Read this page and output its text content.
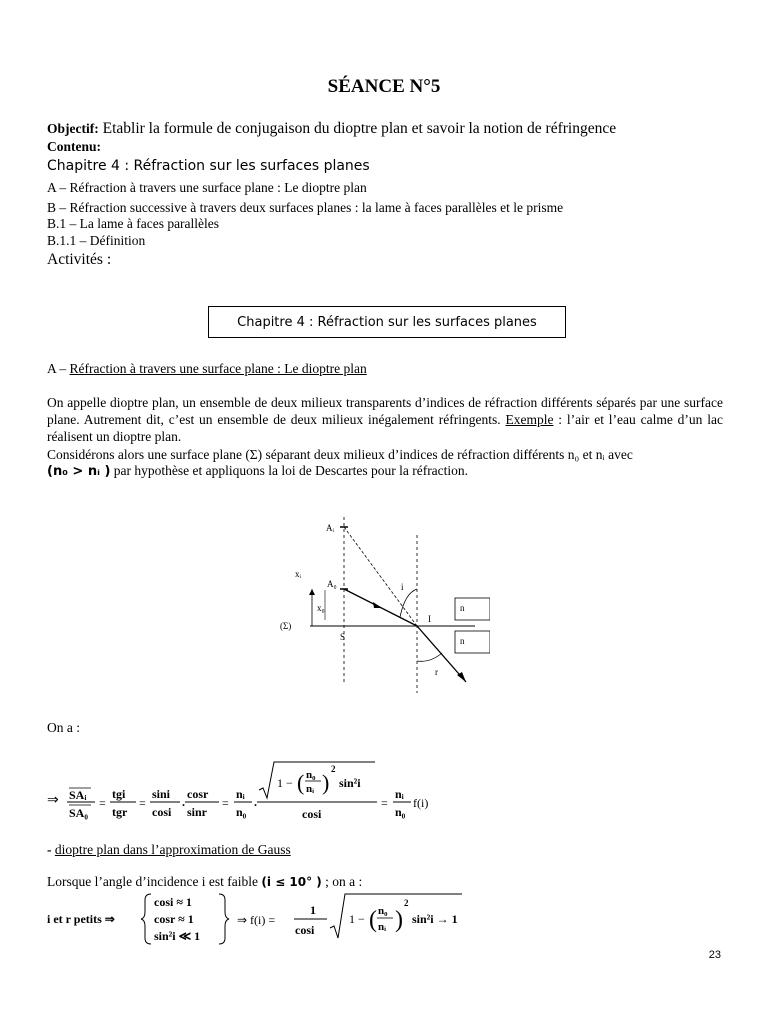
SÉANCE N°5
Objectif: Etablir la formule de conjugaison du dioptre plan et savoir la notion de réfringence
Contenu:
Chapitre 4 : Réfraction sur les surfaces planes
A – Réfraction à travers une surface plane : Le dioptre plan
B – Réfraction successive à travers deux surfaces planes : la lame à faces parallèles et le prisme
B.1 – La lame à faces parallèles
B.1.1 – Définition
Activités :
Chapitre 4 : Réfraction sur les surfaces planes
A – Réfraction à travers une surface plane : Le dioptre plan
On appelle dioptre plan, un ensemble de deux milieux transparents d’indices de réfraction différents séparés par une surface plane. Autrement dit, c’est un ensemble de deux milieux inégalement réfringents. Exemple : l’air et l’eau calme d’un lac réalisent un dioptre plan.
Considérons alors une surface plane (Σ) séparant deux milieux d’indices de réfraction différents n₀ et nᵢ avec
(n₀ > nᵢ ) par hypothèse et appliquons la loi de Descartes pour la réfraction.
Aᵢ
A₀
xᵢ
x₀
(Σ)
S
I
i
r
n
n
On a :
⇒ SAᵢ
SA₀
=
tgi
tgr
=
sini
cosi
.
cosr
sinr
=
nᵢ
n₀
.
1 − ( n₀
nᵢ )
2
sin²i
cosi
=
nᵢ
n₀
f(i)
- dioptre plan dans l’approximation de Gauss
Lorsque l’angle d’incidence i est faible (i ≤ 10° ) ; on a :
i et r petits ⇒
cosi ≈ 1
cosr ≈ 1
sin²i ≪ 1
⇒ f(i) =
1
cosi
1 − ( n₀
nᵢ )
2
sin²i → 1
23
